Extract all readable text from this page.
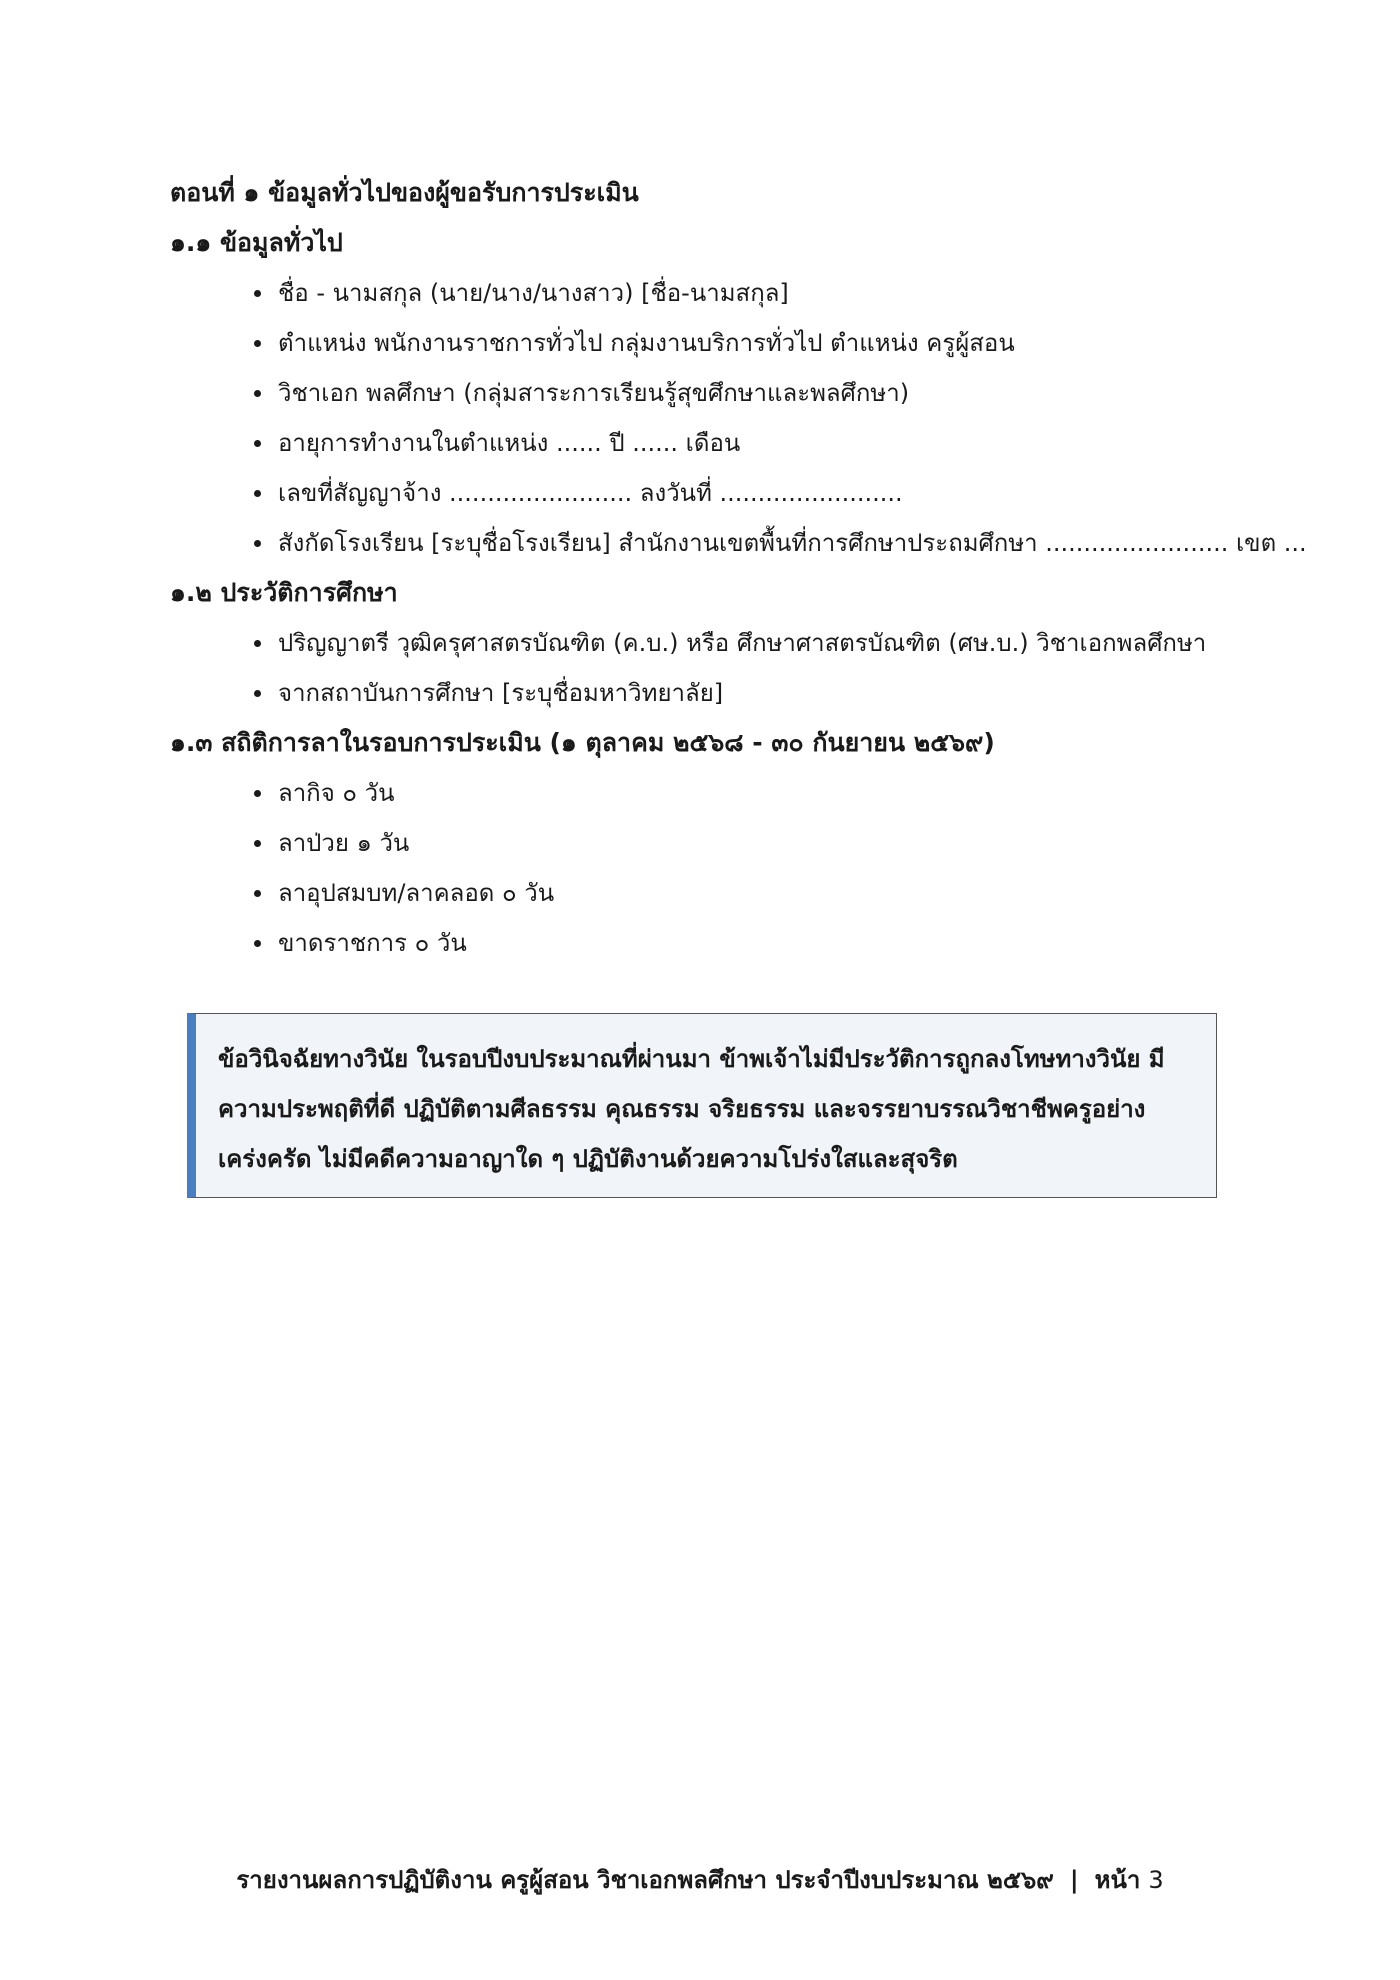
ตอนที่ ๑ ข้อมูลทั่วไปของผู้ขอรับการประเมิน

๑.๑ ข้อมูลทั่วไป

ชื่อ - นามสกุล (นาย/นาง/นางสาว) [ชื่อ-นามสกุล]
ตำแหน่ง พนักงานราชการทั่วไป กลุ่มงานบริการทั่วไป ตำแหน่ง ครูผู้สอน
วิชาเอก พลศึกษา (กลุ่มสาระการเรียนรู้สุขศึกษาและพลศึกษา)
อายุการทำงานในตำแหน่ง ...... ปี ...... เดือน
เลขที่สัญญาจ้าง ........................ ลงวันที่ ........................
สังกัดโรงเรียน [ระบุชื่อโรงเรียน] สำนักงานเขตพื้นที่การศึกษาประถมศึกษา ........................ เขต ...

๑.๒ ประวัติการศึกษา

ปริญญาตรี วุฒิครุศาสตรบัณฑิต (ค.บ.) หรือ ศึกษาศาสตรบัณฑิต (ศษ.บ.) วิชาเอกพลศึกษา
จากสถาบันการศึกษา [ระบุชื่อมหาวิทยาลัย]

๑.๓ สถิติการลาในรอบการประเมิน (๑ ตุลาคม ๒๕๖๘ - ๓๐ กันยายน ๒๕๖๙)

ลากิจ ๐ วัน
ลาป่วย ๑ วัน
ลาอุปสมบท/ลาคลอด ๐ วัน
ขาดราชการ ๐ วัน

ข้อวินิจฉัยทางวินัย ในรอบปีงบประมาณที่ผ่านมา ข้าพเจ้าไม่มีประวัติการถูกลงโทษทางวินัย มี

ความประพฤติที่ดี ปฏิบัติตามศีลธรรม คุณธรรม จริยธรรม และจรรยาบรรณวิชาชีพครูอย่าง

เคร่งครัด ไม่มีคดีความอาญาใด ๆ ปฏิบัติงานด้วยความโปร่งใสและสุจริต

รายงานผลการปฏิบัติงาน ครูผู้สอน วิชาเอกพลศึกษา ประจำปีงบประมาณ ๒๕๖๙ | หน้า 3
